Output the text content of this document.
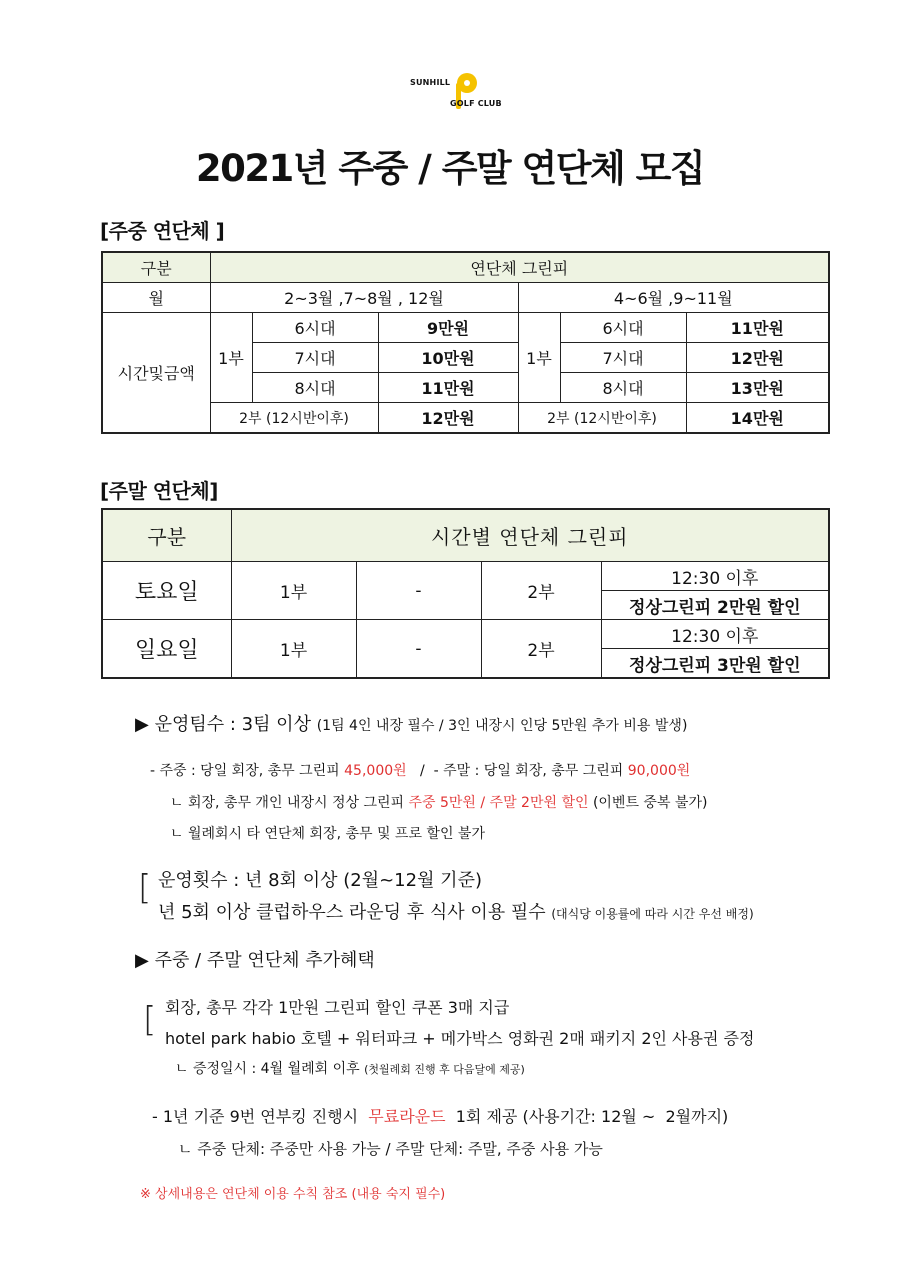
SUNHILL
GOLF CLUB
2021년 주중 / 주말 연단체 모집
[주중 연단체 ]
구분	연단체 그린피					
월	2~3월 ,7~8월 , 12월			4~6월 ,9~11월		
시간및금액	1부	6시대	9만원	1부	6시대	11만원
		7시대	10만원		7시대	12만원
		8시대	11만원		8시대	13만원
	2부 (12시반이후)		12만원	2부 (12시반이후)		14만원
[주말 연단체]
구분	시간별 연단체 그린피			
토요일	1부	-	2부	12:30 이후
				정상그린피 2만원 할인
일요일	1부	-	2부	12:30 이후
				정상그린피 3만원 할인
▶ 운영팀수 : 3팀 이상 (1팀 4인 내장 필수 / 3인 내장시 인당 5만원 추가 비용 발생)
- 주중 : 당일 회장, 총무 그린피 45,000원   /  - 주말 : 당일 회장, 총무 그린피 90,000원
ㄴ 회장, 총무 개인 내장시 정상 그린피 주중 5만원 / 주말 2만원 할인 (이벤트 중복 불가)
ㄴ 월례회시 타 연단체 회장, 총무 및 프로 할인 불가
[ 운영횟수 : 년 8회 이상 (2월~12월 기준)
년 5회 이상 클럽하우스 라운딩 후 식사 이용 필수 (대식당 이용률에 따라 시간 우선 배정)
▶ 주중 / 주말 연단체 추가혜택
[ 회장, 총무 각각 1만원 그린피 할인 쿠폰 3매 지급
hotel park habio 호텔 + 워터파크 + 메가박스 영화권 2매 패키지 2인 사용권 증정
ㄴ 증정일시 : 4월 월례회 이후 (첫월례회 진행 후 다음달에 제공)
- 1년 기준 9번 연부킹 진행시  무료라운드  1회 제공 (사용기간: 12월 ~  2월까지)
ㄴ 주중 단체: 주중만 사용 가능 / 주말 단체: 주말, 주중 사용 가능
※ 상세내용은 연단체 이용 수칙 참조 (내용 숙지 필수)
